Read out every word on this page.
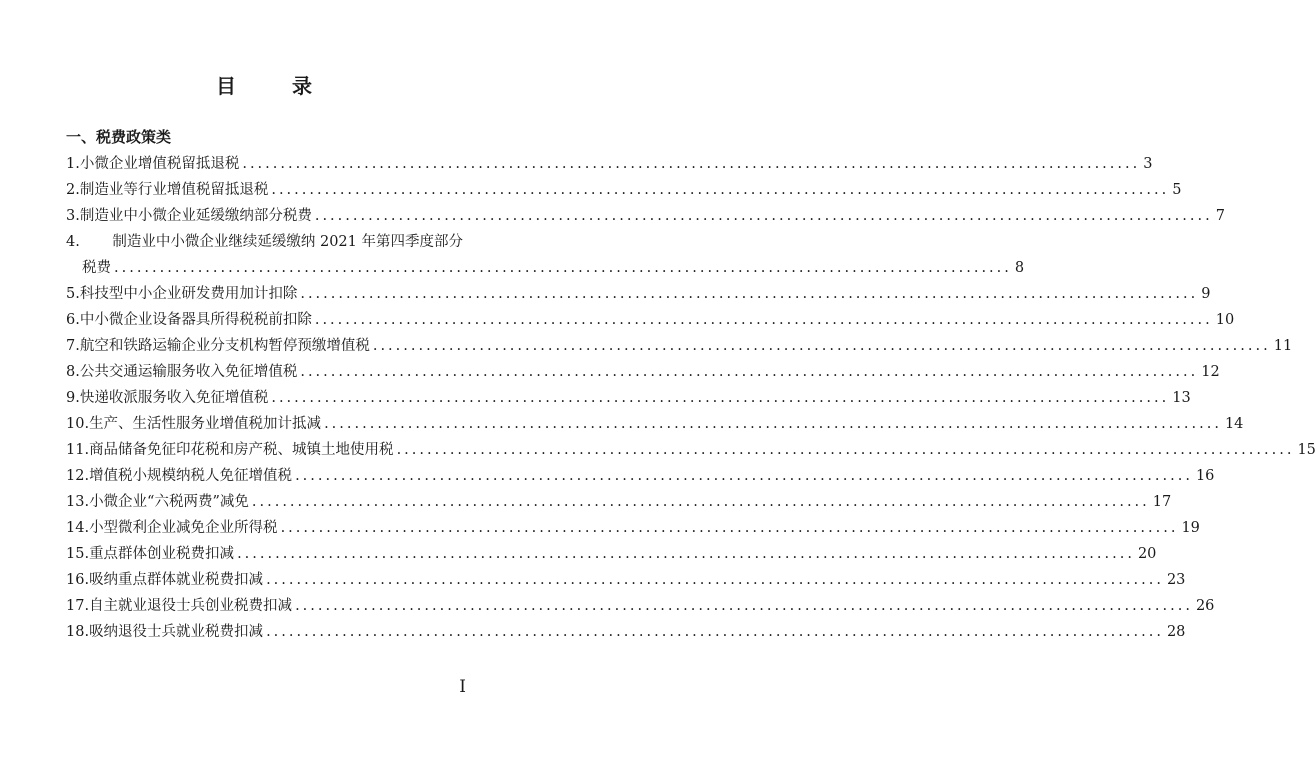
目　录
一、税费政策类
1. 小微企业增值税留抵退税 .....	3
2. 制造业等行业增值税留抵退税 .....	5
3. 制造业中小微企业延缓缴纳部分税费 .....	7
4. 制造业中小微企业继续延缓缴纳 2021 年第四季度部分
税费 .....	8
5. 科技型中小企业研发费用加计扣除 .....	9
6. 中小微企业设备器具所得税税前扣除 .....	10
7. 航空和铁路运输企业分支机构暂停预缴增值税 .....	11
8. 公共交通运输服务收入免征增值税 .....	12
9. 快递收派服务收入免征增值税 .....	13
10. 生产、生活性服务业增值税加计抵减 .....	14
11. 商品储备免征印花税和房产税、城镇土地使用税 .....	15
12. 增值税小规模纳税人免征增值税 .....	16
13. 小微企业“六税两费”减免 .....	17
14. 小型微利企业减免企业所得税 .....	19
15. 重点群体创业税费扣减 .....	20
16. 吸纳重点群体就业税费扣减 .....	23
17. 自主就业退役士兵创业税费扣减 .....	26
18. 吸纳退役士兵就业税费扣减 .....	28
I
